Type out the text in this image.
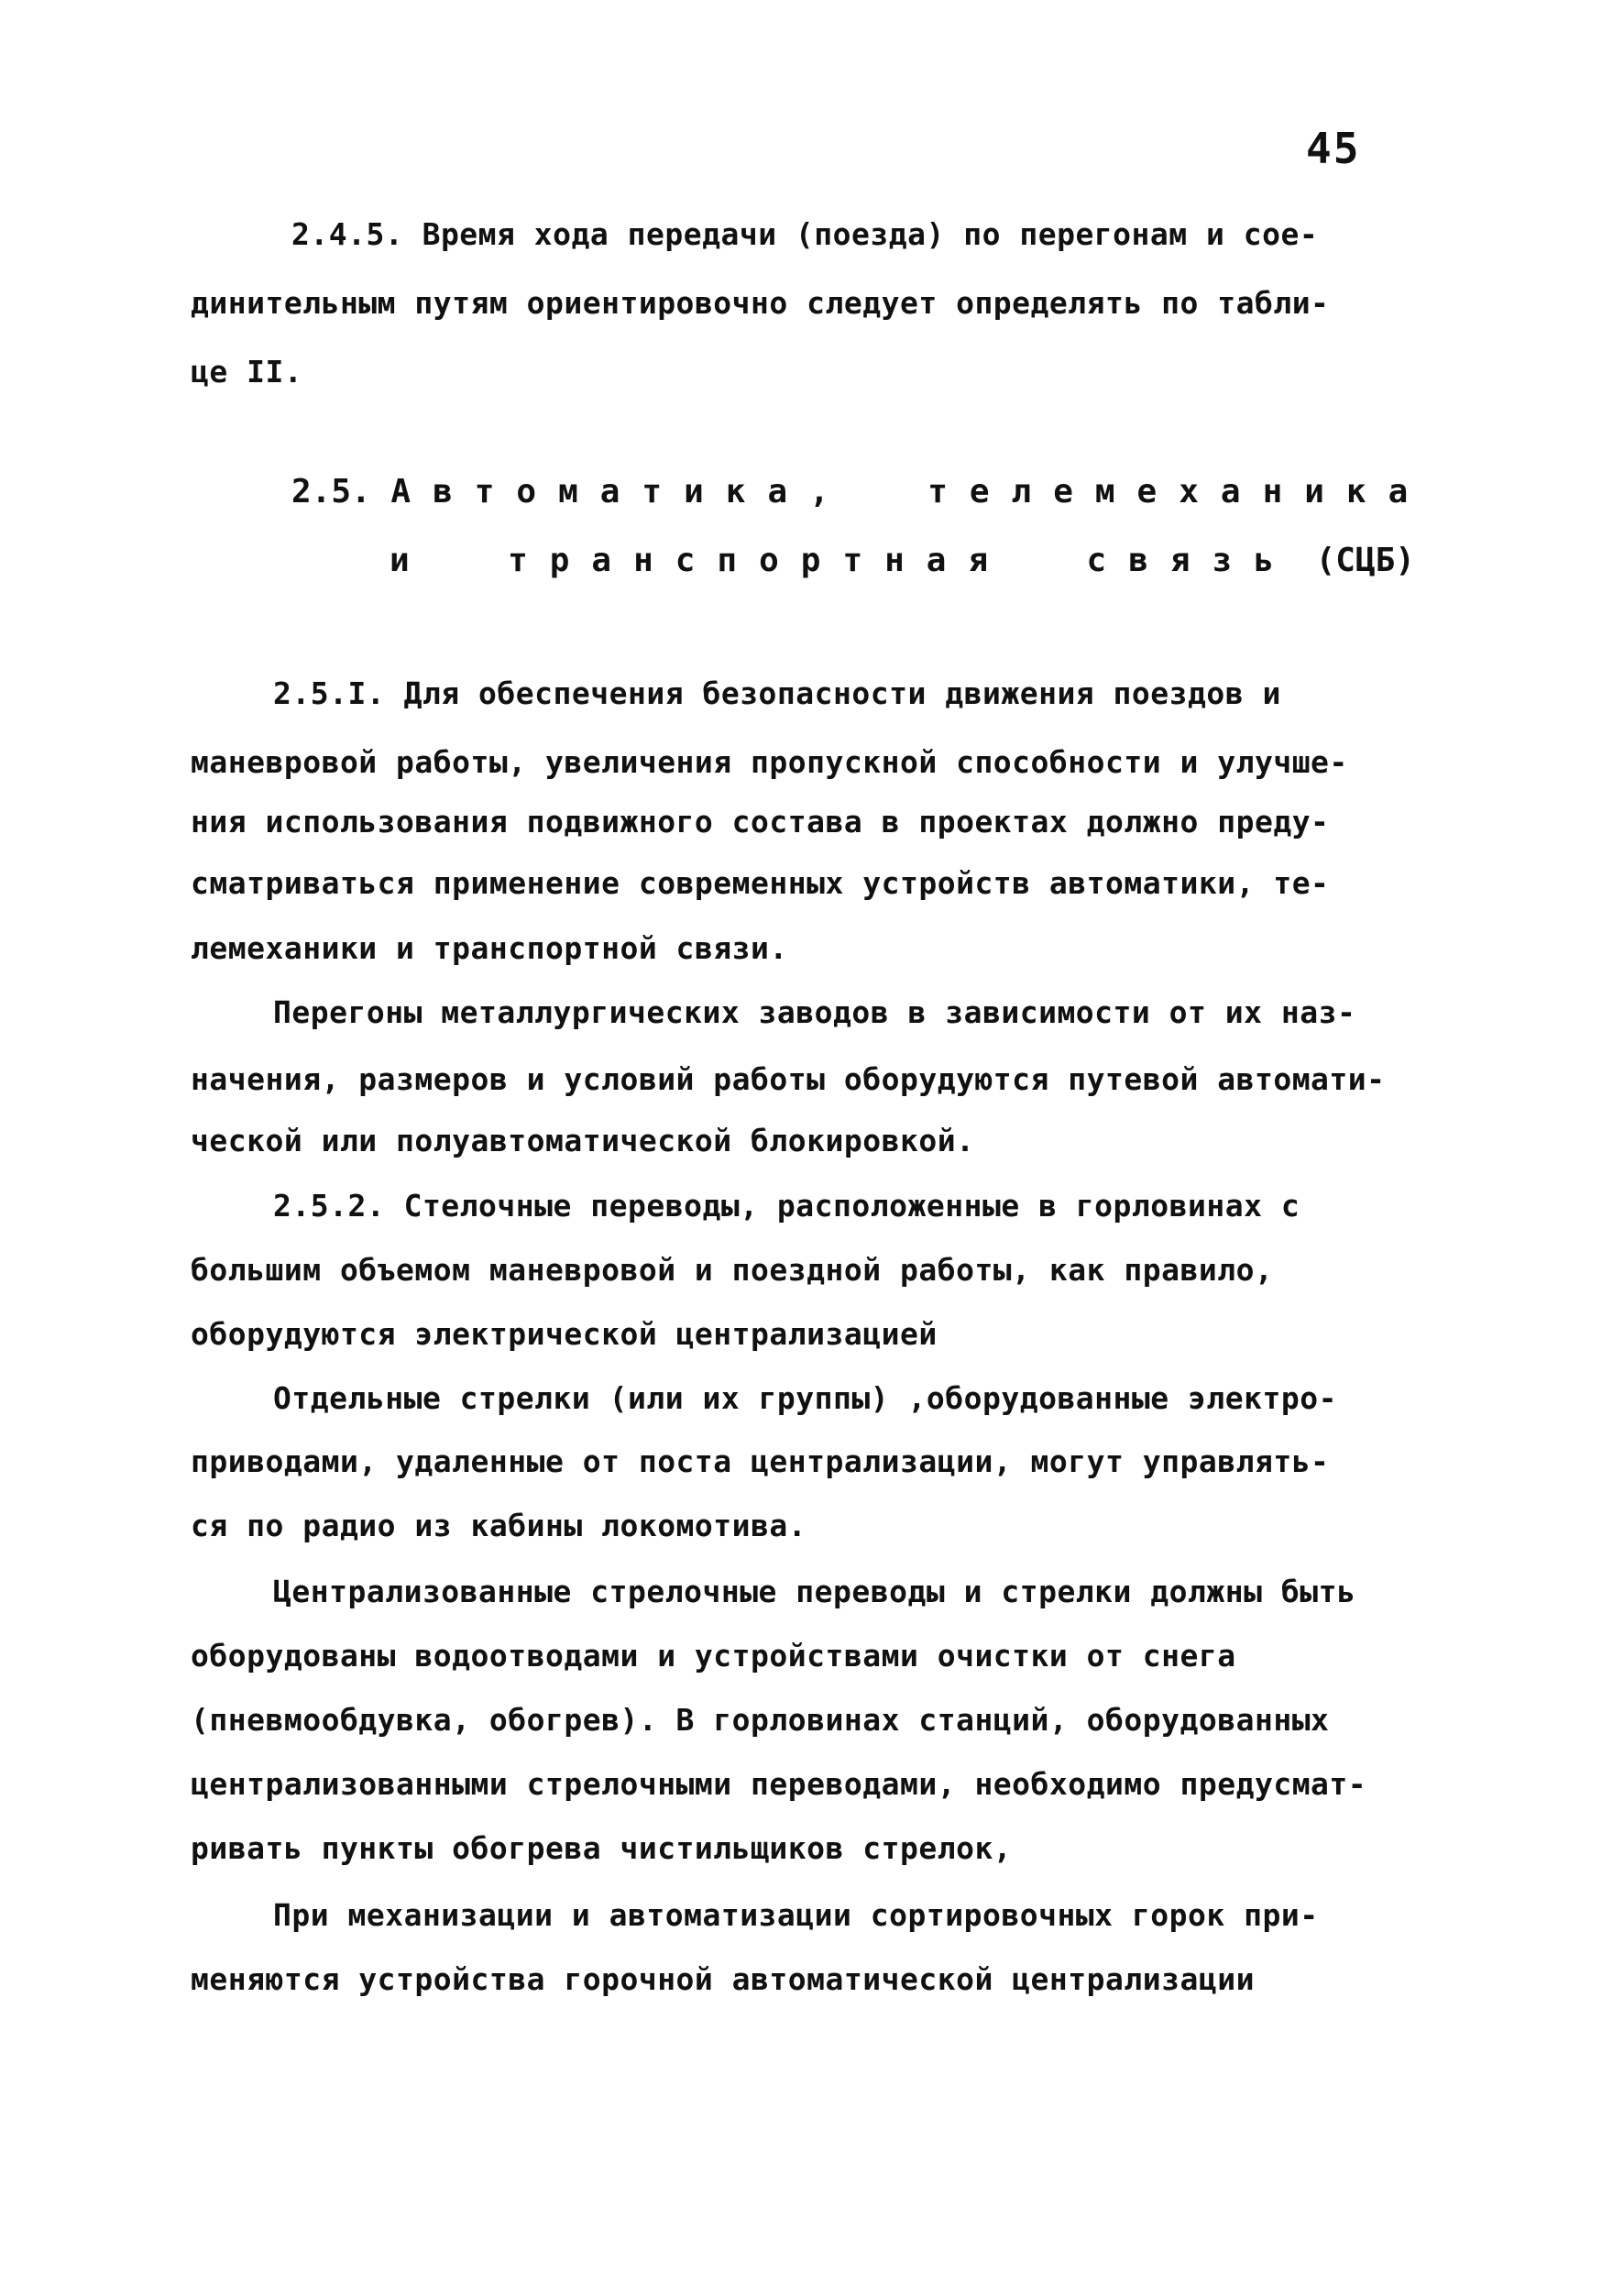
45
2.4.5. Время хода передачи (поезда) по перегонам и сое-
динительным путям ориентировочно следует определять по табли-
це II.
2.5. Автоматика, телемеханика
и транспортная связь (СЦБ)
2.5.I. Для обеспечения безопасности движения поездов и
маневровой работы, увеличения пропускной способности и улучше-
ния использования подвижного состава в проектах должно преду-
сматриваться применение современных устройств автоматики, те-
лемеханики и транспортной связи.
Перегоны металлургических заводов в зависимости от их наз-
начения, размеров и условий работы оборудуются путевой автомати-
ческой или полуавтоматической блокировкой.
2.5.2. Стелочные переводы, расположенные в горловинах с
большим объемом маневровой и поездной работы, как правило,
оборудуются электрической централизацией
Отдельные стрелки (или их группы) ,оборудованные электро-
приводами, удаленные от поста централизации, могут управлять-
ся по радио из кабины локомотива.
Централизованные стрелочные переводы и стрелки должны быть
оборудованы водоотводами и устройствами очистки от снега
(пневмообдувка, обогрев). В горловинах станций, оборудованных
централизованными стрелочными переводами, необходимо предусмат-
ривать пункты обогрева чистильщиков стрелок,
При механизации и автоматизации сортировочных горок при-
меняются устройства горочной автоматической централизации
